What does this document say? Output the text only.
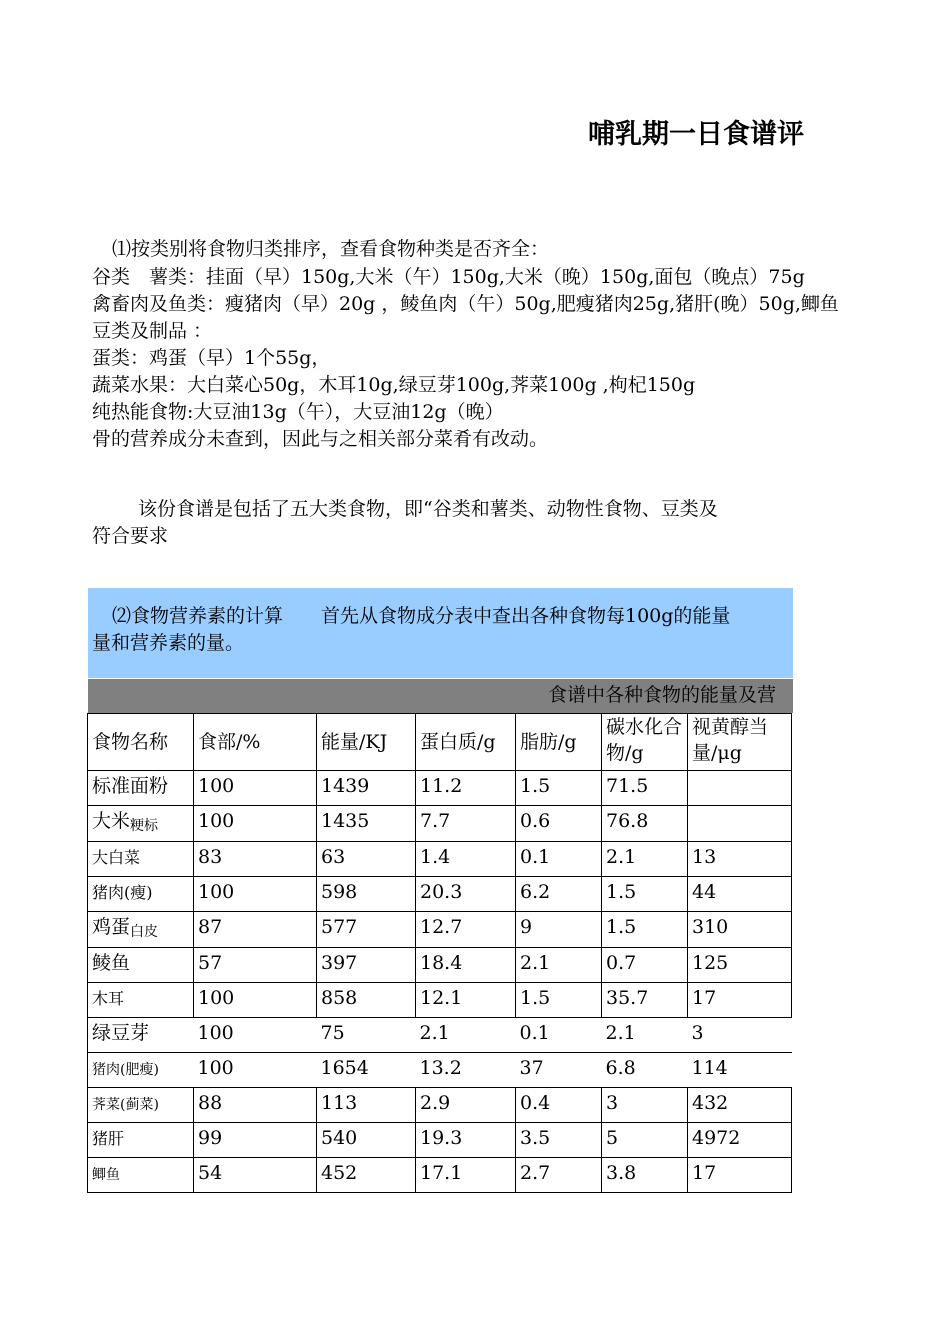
哺乳期一日食谱评
⑴按类别将食物归类排序，查看食物种类是否齐全：
谷类　薯类：挂面（早）150g,大米（午）150g,大米（晚）150g,面包（晚点）75g
禽畜肉及鱼类：瘦猪肉（早）20g ，鲮鱼肉（午）50g,肥瘦猪肉25g,猪肝(晚）50g,鲫鱼
豆类及制品 ：
蛋类：鸡蛋（早）1个55g，
蔬菜水果：大白菜心50g，木耳10g,绿豆芽100g,荠菜100g ,枸杞150g
纯热能食物:大豆油13g（午），大豆油12g（晚）
骨的营养成分未查到，因此与之相关部分菜肴有改动。
该份食谱是包括了五大类食物，即“谷类和薯类、动物性食物、豆类及
符合要求
⑵食物营养素的计算　　首先从食物成分表中查出各种食物每100g的能量
量和营养素的量。
食谱中各种食物的能量及营
食物名称	食部/%	能量/KJ	蛋白质/g	脂肪/g	碳水化合物/g	视黄醇当量/μg
标准面粉	100	1439	11.2	1.5	71.5	
大米粳标	100	1435	7.7	0.6	76.8	
大白菜	83	63	1.4	0.1	2.1	13
猪肉(瘦)	100	598	20.3	6.2	1.5	44
鸡蛋白皮	87	577	12.7	9	1.5	310
鲮鱼	57	397	18.4	2.1	0.7	125
木耳	100	858	12.1	1.5	35.7	17
绿豆芽	100	75	2.1	0.1	2.1	3
猪肉(肥瘦)	100	1654	13.2	37	6.8	114
荠菜(蓟菜)	88	113	2.9	0.4	3	432
猪肝	99	540	19.3	3.5	5	4972
鲫鱼	54	452	17.1	2.7	3.8	17
